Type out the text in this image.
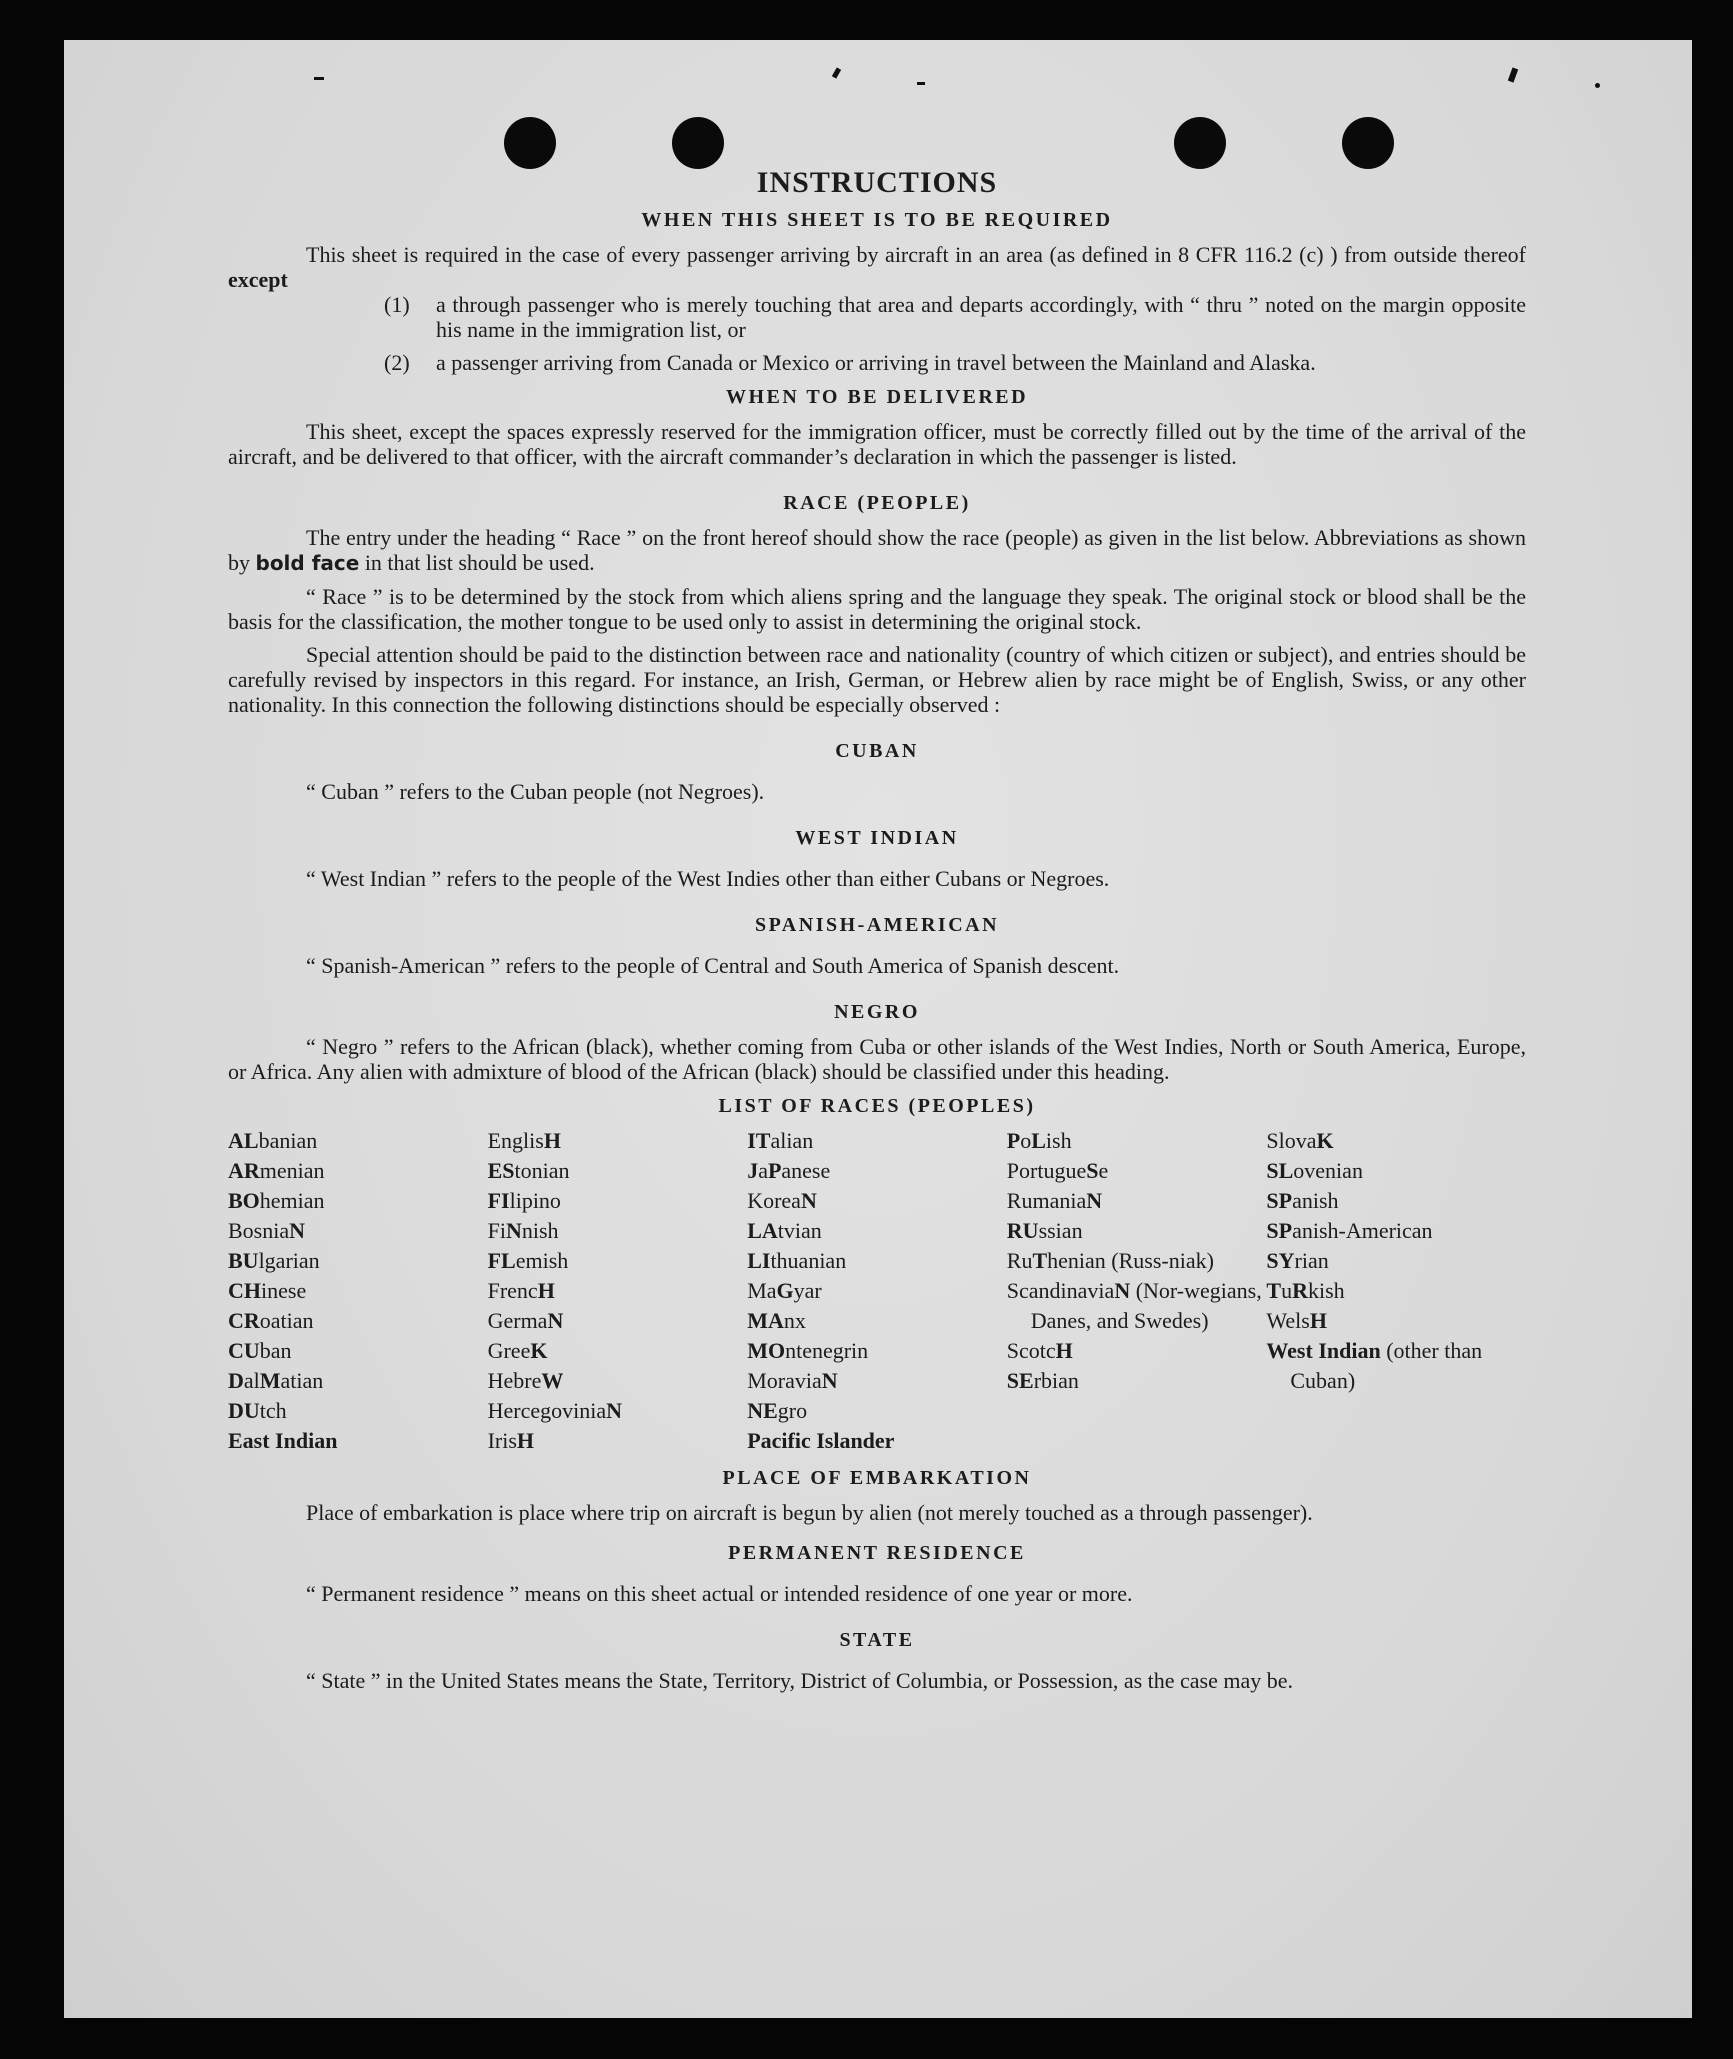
INSTRUCTIONS
WHEN THIS SHEET IS TO BE REQUIRED

This sheet is required in the case of every passenger arriving by aircraft in an area (as defined in 8 CFR 116.2 (c) ) from outside thereof except

(1)	a through passenger who is merely touching that area and departs accordingly, with “ thru ” noted on the margin opposite his name in the immigration list, or
(2)	a passenger arriving from Canada or Mexico or arriving in travel between the Mainland and Alaska.
WHEN TO BE DELIVERED

This sheet, except the spaces expressly reserved for the immigration officer, must be correctly filled out by the time of the arrival of the aircraft, and be delivered to that officer, with the aircraft commander’s declaration in which the passenger is listed.

RACE (PEOPLE)

The entry under the heading “ Race ” on the front hereof should show the race (people) as given in the list below. Abbreviations as shown by bold face in that list should be used.

“ Race ” is to be determined by the stock from which aliens spring and the language they speak. The original stock or blood shall be the basis for the classification, the mother tongue to be used only to assist in determining the original stock.

Special attention should be paid to the distinction between race and nationality (country of which citizen or subject), and entries should be carefully revised by inspectors in this regard. For instance, an Irish, German, or Hebrew alien by race might be of English, Swiss, or any other nationality. In this connection the following distinctions should be especially observed :

CUBAN

“ Cuban ” refers to the Cuban people (not Negroes).

WEST INDIAN

“ West Indian ” refers to the people of the West Indies other than either Cubans or Negroes.

SPANISH-AMERICAN

“ Spanish-American ” refers to the people of Central and South America of Spanish descent.

NEGRO

“ Negro ” refers to the African (black), whether coming from Cuba or other islands of the West Indies, North or South America, Europe, or Africa. Any alien with admixture of blood of the African (black) should be classified under this heading.

LIST OF RACES (PEOPLES)
ALbanian
ARmenian
BOhemian
BosniaN
BUlgarian
CHinese
CRoatian
CUban
DalMatian
DUtch
East Indian
EnglisH
EStonian
FIlipino
FiNnish
FLemish
FrencH
GermaN
GreeK
HebreW
HercegoviniaN
IrisH
ITalian
JaPanese
KoreaN
LAtvian
LIthuanian
MaGyar
MAnx
MOntenegrin
MoraviaN
NEgro
Pacific Islander
PoLish
PortugueSe
RumaniaN
RUssian
RuThenian (Russ-niak)
ScandinaviaN (Nor-wegians, Danes, and Swedes)
ScotcH
SErbian
SlovaK
SLovenian
SPanish
SPanish-American
SYrian
TuRkish
WelsH
West Indian (other than Cuban)
PLACE OF EMBARKATION

Place of embarkation is place where trip on aircraft is begun by alien (not merely touched as a through passenger).

PERMANENT RESIDENCE

“ Permanent residence ” means on this sheet actual or intended residence of one year or more.

STATE

“ State ” in the United States means the State, Territory, District of Columbia, or Possession, as the case may be.
